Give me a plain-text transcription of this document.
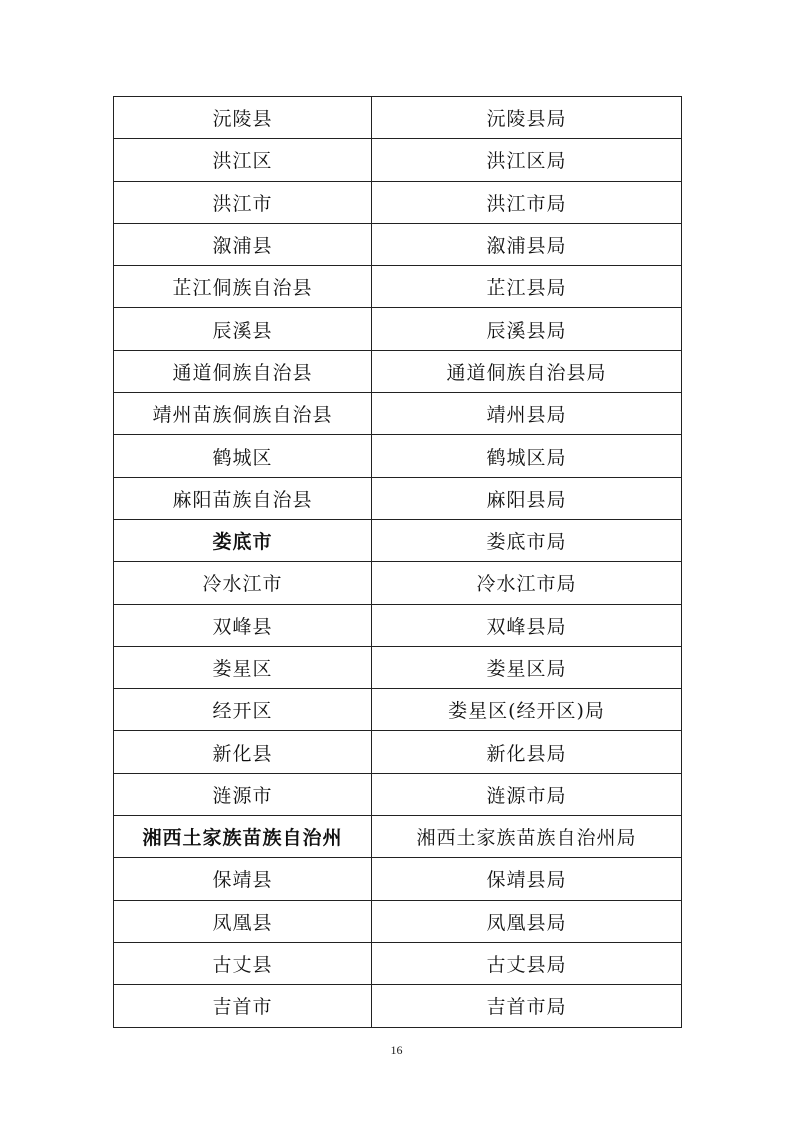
沅陵县	沅陵县局
洪江区	洪江区局
洪江市	洪江市局
溆浦县	溆浦县局
芷江侗族自治县	芷江县局
辰溪县	辰溪县局
通道侗族自治县	通道侗族自治县局
靖州苗族侗族自治县	靖州县局
鹤城区	鹤城区局
麻阳苗族自治县	麻阳县局
娄底市	娄底市局
冷水江市	冷水江市局
双峰县	双峰县局
娄星区	娄星区局
经开区	娄星区(经开区)局
新化县	新化县局
涟源市	涟源市局
湘西土家族苗族自治州	湘西土家族苗族自治州局
保靖县	保靖县局
凤凰县	凤凰县局
古丈县	古丈县局
吉首市	吉首市局
16
